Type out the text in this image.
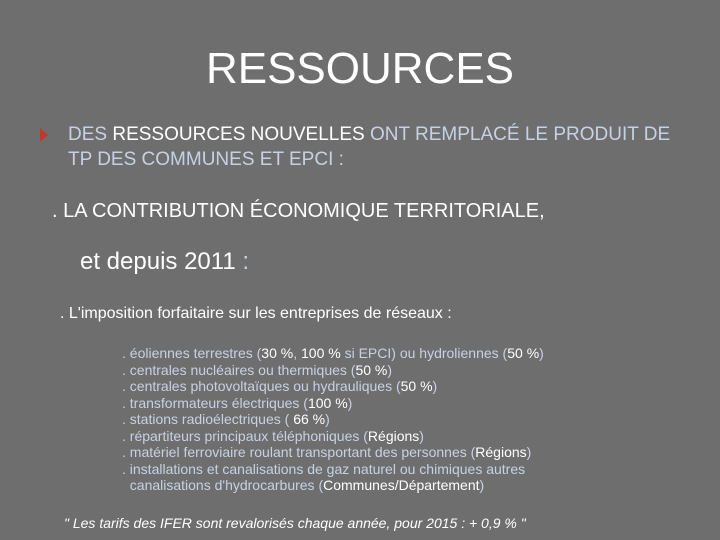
RESSOURCES
DES RESSOURCES NOUVELLES ONT REMPLACÉ LE PRODUIT DE TP DES COMMUNES ET EPCI :
. LA CONTRIBUTION ÉCONOMIQUE TERRITORIALE,
et depuis 2011 :
. L'imposition forfaitaire sur les entreprises de réseaux :
. éoliennes terrestres (30 %, 100 % si EPCI) ou hydroliennes (50 %)
. centrales nucléaires ou thermiques (50 %)
. centrales photovoltaïques ou hydrauliques (50 %)
. transformateurs électriques (100 %)
. stations radioélectriques ( 66 %)
. répartiteurs principaux téléphoniques (Régions)
. matériel ferroviaire roulant transportant des personnes (Régions)
. installations et canalisations de gaz naturel ou chimiques autres
canalisations d'hydrocarbures (Communes/Département)
" Les tarifs des IFER sont revalorisés chaque année, pour 2015 : + 0,9 % "
